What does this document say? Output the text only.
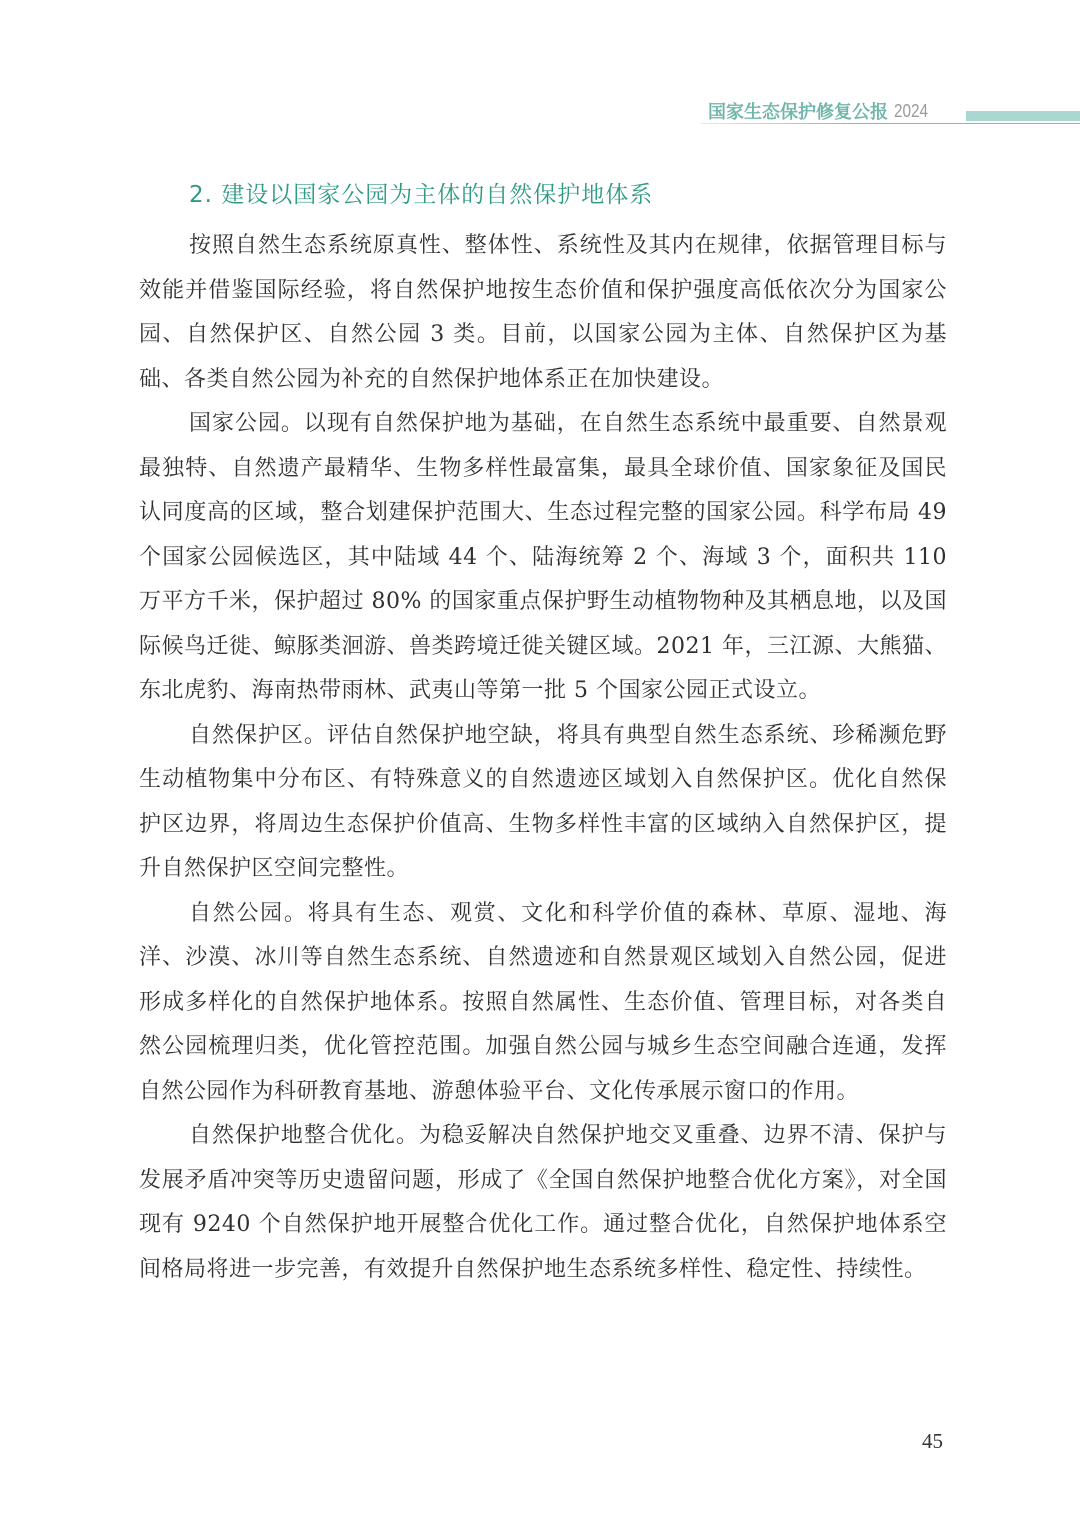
国家生态保护修复公报 2024
2. 建设以国家公园为主体的自然保护地体系

按照自然生态系统原真性、整体性、系统性及其内在规律，依据管理目标与效能并借鉴国际经验，将自然保护地按生态价值和保护强度高低依次分为国家公园、自然保护区、自然公园 3 类。目前，以国家公园为主体、自然保护区为基础、各类自然公园为补充的自然保护地体系正在加快建设。

国家公园。以现有自然保护地为基础，在自然生态系统中最重要、自然景观最独特、自然遗产最精华、生物多样性最富集，最具全球价值、国家象征及国民认同度高的区域，整合划建保护范围大、生态过程完整的国家公园。科学布局 49 个国家公园候选区，其中陆域 44 个、陆海统筹 2 个、海域 3 个，面积共 110 万平方千米，保护超过 80% 的国家重点保护野生动植物物种及其栖息地，以及国际候鸟迁徙、鲸豚类洄游、兽类跨境迁徙关键区域。2021 年，三江源、大熊猫、东北虎豹、海南热带雨林、武夷山等第一批 5 个国家公园正式设立。

自然保护区。评估自然保护地空缺，将具有典型自然生态系统、珍稀濒危野生动植物集中分布区、有特殊意义的自然遗迹区域划入自然保护区。优化自然保护区边界，将周边生态保护价值高、生物多样性丰富的区域纳入自然保护区，提升自然保护区空间完整性。

自然公园。将具有生态、观赏、文化和科学价值的森林、草原、湿地、海洋、沙漠、冰川等自然生态系统、自然遗迹和自然景观区域划入自然公园，促进形成多样化的自然保护地体系。按照自然属性、生态价值、管理目标，对各类自然公园梳理归类，优化管控范围。加强自然公园与城乡生态空间融合连通，发挥自然公园作为科研教育基地、游憩体验平台、文化传承展示窗口的作用。

自然保护地整合优化。为稳妥解决自然保护地交叉重叠、边界不清、保护与发展矛盾冲突等历史遗留问题，形成了《全国自然保护地整合优化方案》，对全国现有 9240 个自然保护地开展整合优化工作。通过整合优化，自然保护地体系空间格局将进一步完善，有效提升自然保护地生态系统多样性、稳定性、持续性。

45
